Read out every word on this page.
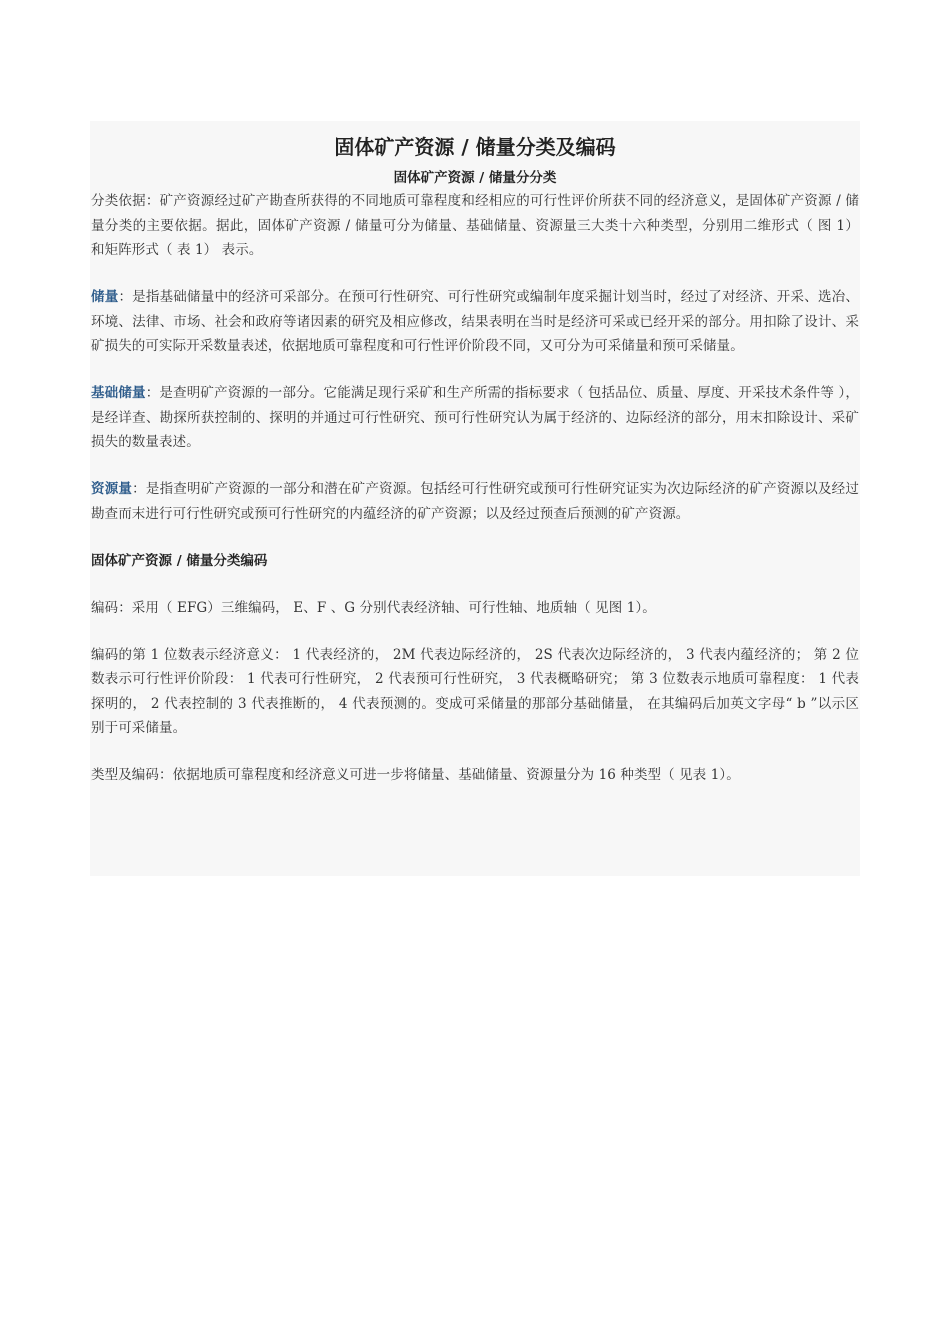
固体矿产资源 / 储量分类及编码
固体矿产资源 / 储量分分类

分类依据：矿产资源经过矿产勘查所获得的不同地质可靠程度和经相应的可行性评价所获不同的经济意义，是固体矿产资源 / 储量分类的主要依据。据此，固体矿产资源 / 储量可分为储量、基础储量、资源量三大类十六种类型，分别用二维形式（ 图 1） 和矩阵形式（ 表 1） 表示。

储量：是指基础储量中的经济可采部分。在预可行性研究、可行性研究或编制年度采掘计划当时，经过了对经济、开采、选冶、环境、法律、市场、社会和政府等诸因素的研究及相应修改，结果表明在当时是经济可采或已经开采的部分。用扣除了设计、采矿损失的可实际开采数量表述，依据地质可靠程度和可行性评价阶段不同，又可分为可采储量和预可采储量。

基础储量：是查明矿产资源的一部分。它能满足现行采矿和生产所需的指标要求（ 包括品位、质量、厚度、开采技术条件等 ），是经详查、勘探所获控制的、探明的并通过可行性研究、预可行性研究认为属于经济的、边际经济的部分，用末扣除设计、采矿损失的数量表述。

资源量：是指查明矿产资源的一部分和潜在矿产资源。包括经可行性研究或预可行性研究证实为次边际经济的矿产资源以及经过勘查而末进行可行性研究或预可行性研究的内蕴经济的矿产资源；以及经过预查后预测的矿产资源。

固体矿产资源 / 储量分类编码

编码：采用（ EFG）三维编码， E、F 、G 分别代表经济轴、可行性轴、地质轴（ 见图 1）。

编码的第 1 位数表示经济意义： 1 代表经济的， 2M 代表边际经济的， 2S 代表次边际经济的， 3 代表内蕴经济的； 第 2 位数表示可行性评价阶段： 1 代表可行性研究， 2 代表预可行性研究， 3 代表概略研究； 第 3 位数表示地质可靠程度： 1 代表探明的， 2 代表控制的 3 代表推断的， 4 代表预测的。变成可采储量的那部分基础储量， 在其编码后加英文字母“ b ”以示区别于可采储量。

类型及编码：依据地质可靠程度和经济意义可进一步将储量、基础储量、资源量分为 16 种类型（ 见表 1）。
